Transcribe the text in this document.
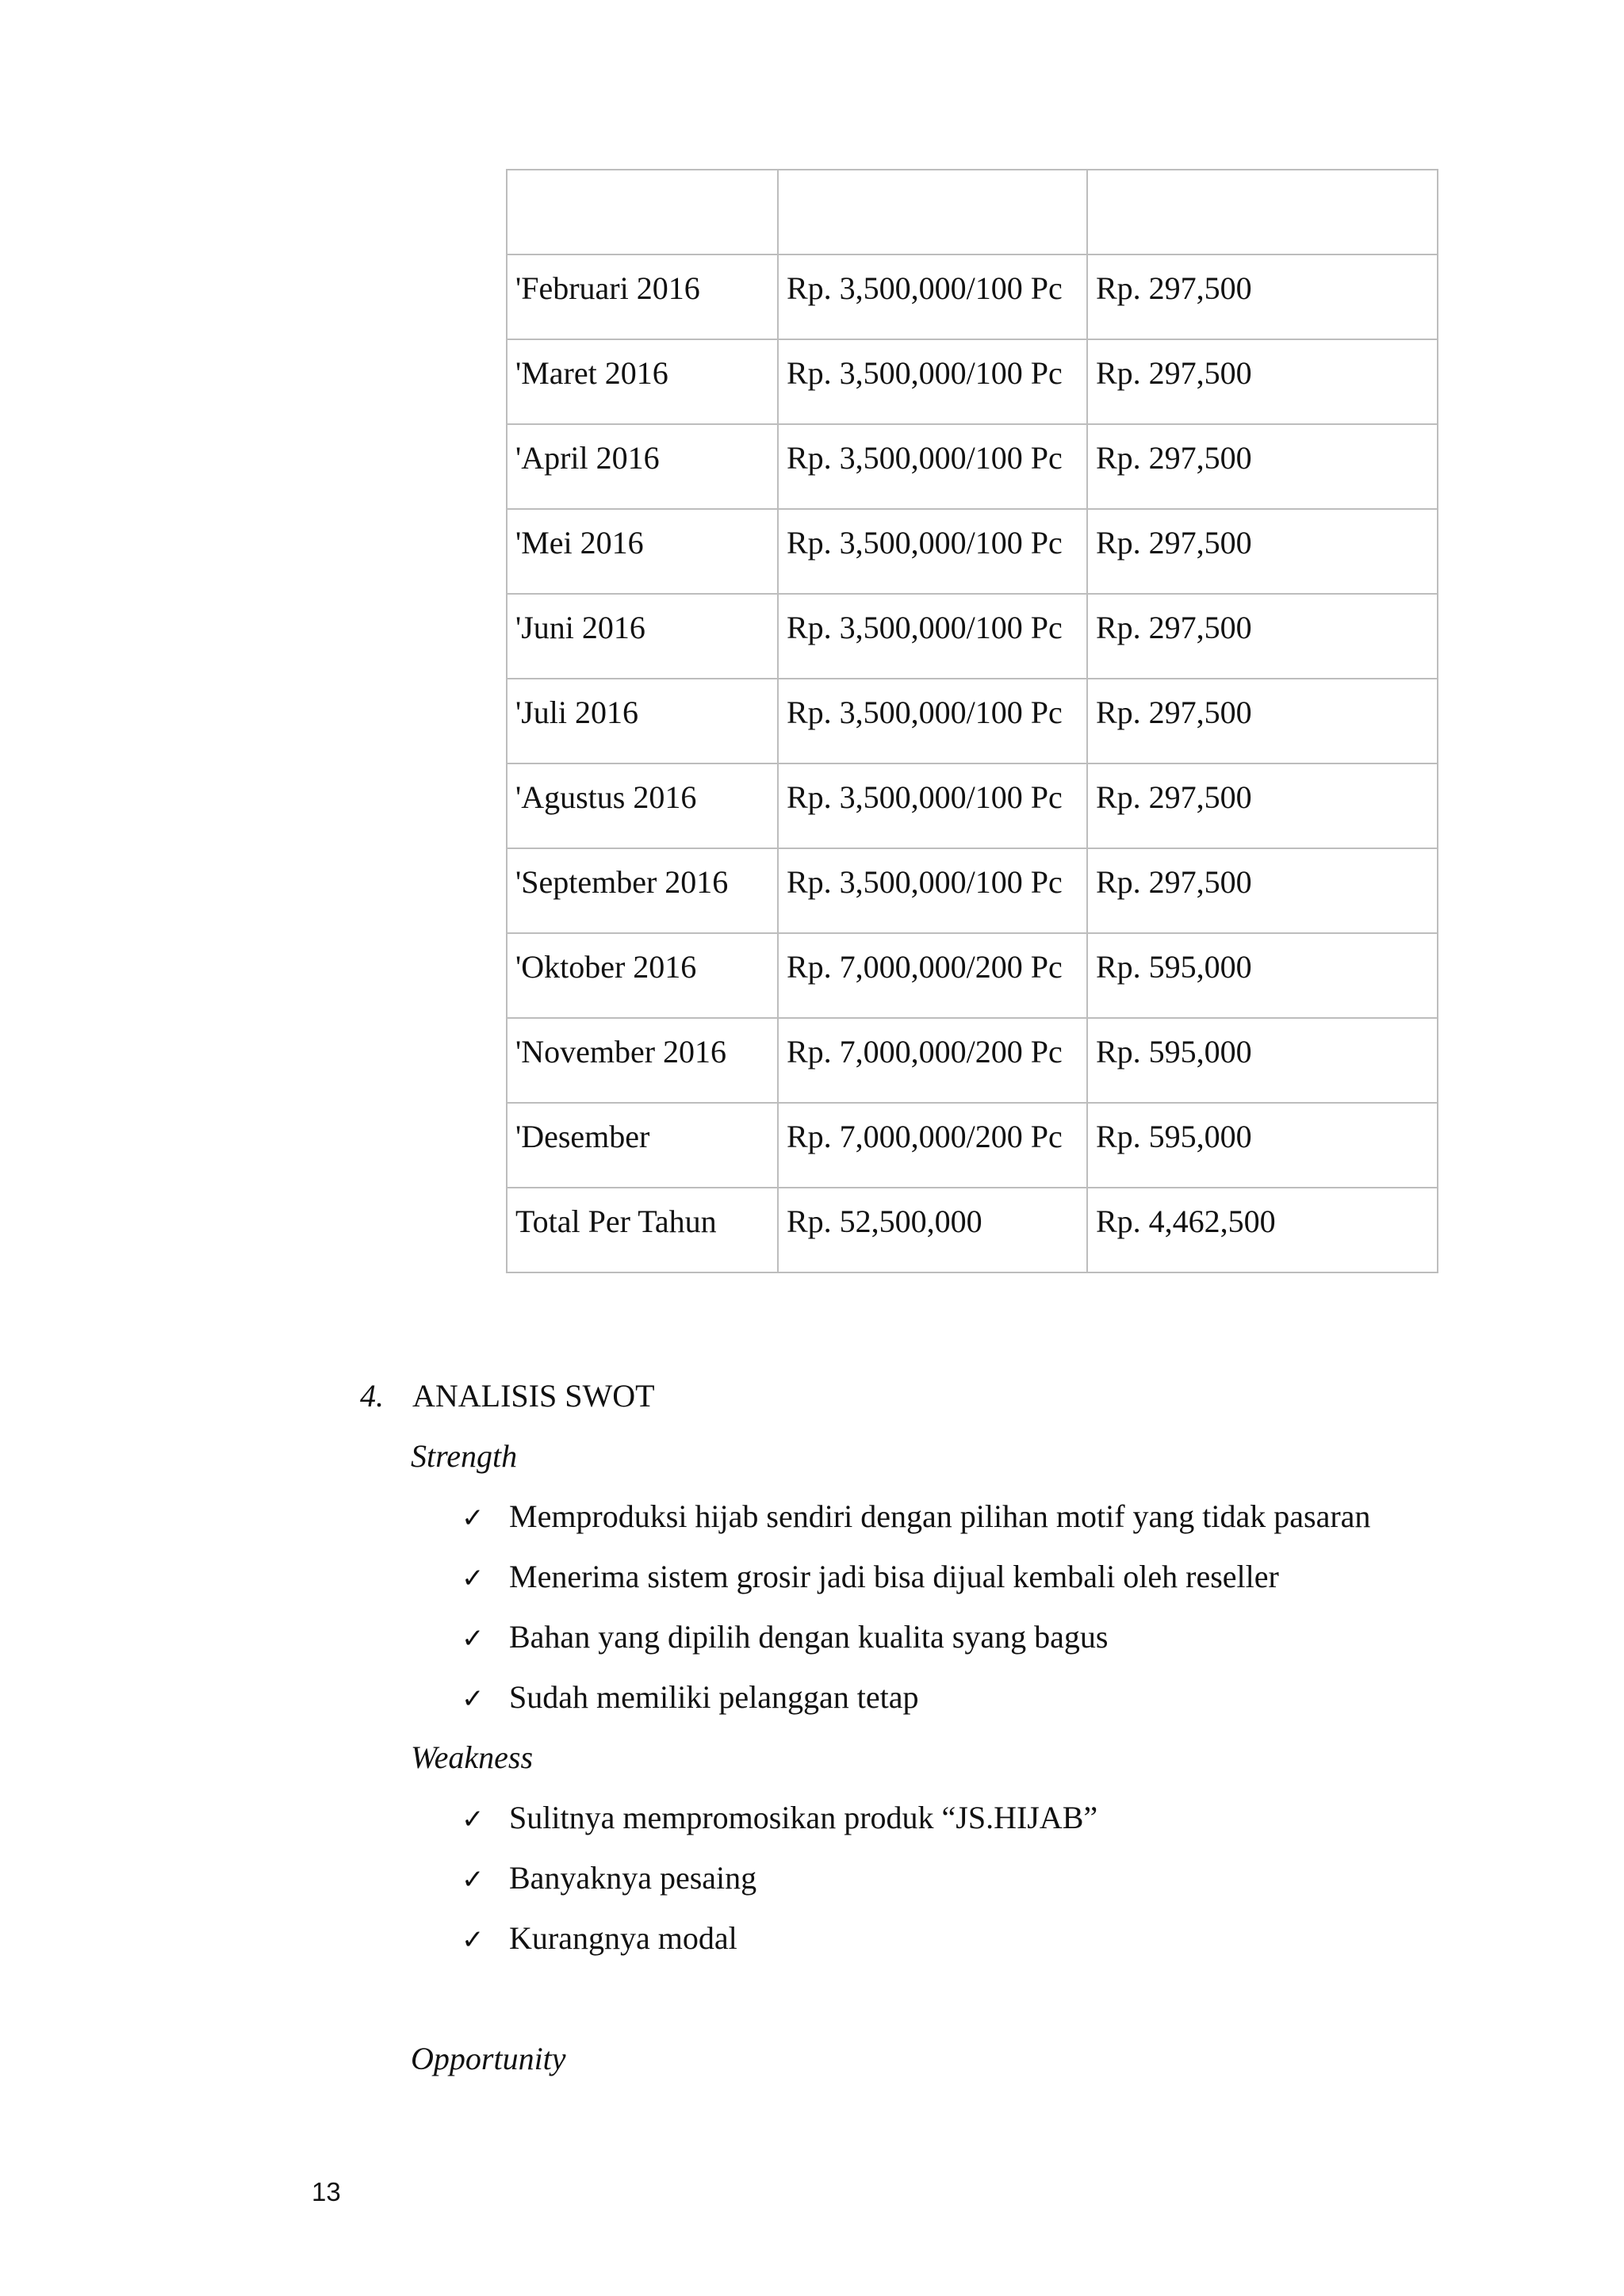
'Februari 2016	Rp. 3,500,000/100 Pc	Rp. 297,500

'Maret 2016	Rp. 3,500,000/100 Pc	Rp. 297,500

'April 2016	Rp. 3,500,000/100 Pc	Rp. 297,500

'Mei 2016	Rp. 3,500,000/100 Pc	Rp. 297,500

'Juni 2016	Rp. 3,500,000/100 Pc	Rp. 297,500

'Juli 2016	Rp. 3,500,000/100 Pc	Rp. 297,500

'Agustus 2016	Rp. 3,500,000/100 Pc	Rp. 297,500

'September 2016	Rp. 3,500,000/100 Pc	Rp. 297,500

'Oktober 2016	Rp. 7,000,000/200 Pc	Rp. 595,000

'November 2016	Rp. 7,000,000/200 Pc	Rp. 595,000

'Desember	Rp. 7,000,000/200 Pc	Rp. 595,000

Total Per Tahun	Rp. 52,500,000	Rp. 4,462,500
4. ANALISIS SWOT
Strength
✓ Memproduksi hijab sendiri dengan pilihan motif yang tidak pasaran
✓ Menerima sistem grosir jadi bisa dijual kembali oleh reseller
✓ Bahan yang dipilih dengan kualita syang bagus
✓ Sudah memiliki pelanggan tetap
Weakness
✓ Sulitnya mempromosikan produk “JS.HIJAB”
✓ Banyaknya pesaing
✓ Kurangnya modal
Opportunity
13
